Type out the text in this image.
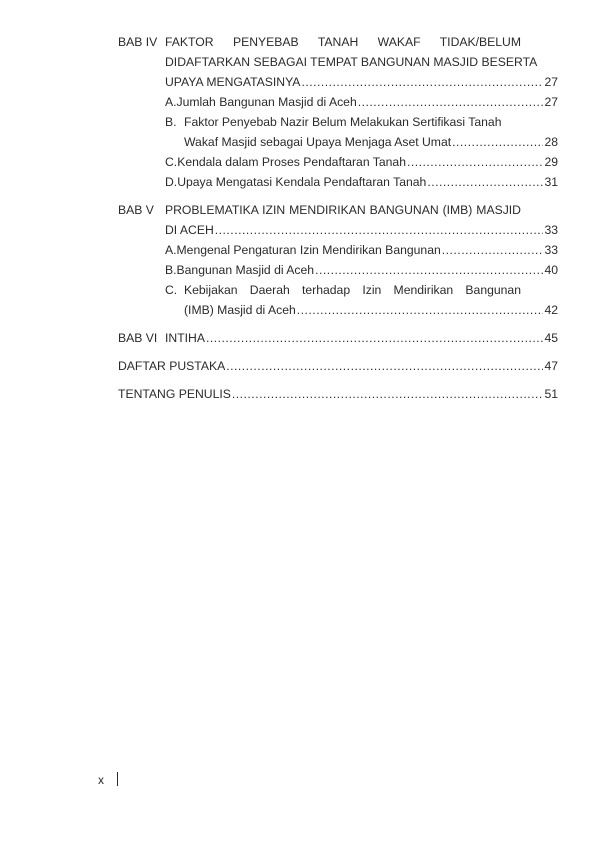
BAB IV FAKTOR PENYEBAB TANAH WAKAF TIDAK/BELUM
DIDAFTARKAN SEBAGAI TEMPAT BANGUNAN MASJID BESERTA
UPAYA MENGATASINYA .....	27
A. Jumlah Bangunan Masjid di Aceh .....	27
B. Faktor Penyebab Nazir Belum Melakukan Sertifikasi Tanah
Wakaf Masjid sebagai Upaya Menjaga Aset Umat .....	28
C. Kendala dalam Proses Pendaftaran Tanah .....	29
D. Upaya Mengatasi Kendala Pendaftaran Tanah .....	31
BAB V PROBLEMATIKA IZIN MENDIRIKAN BANGUNAN (IMB) MASJID
DI ACEH .....	33
A. Mengenal Pengaturan Izin Mendirikan Bangunan .....	33
B. Bangunan Masjid di Aceh .....	40
C. Kebijakan Daerah terhadap Izin Mendirikan Bangunan
(IMB) Masjid di Aceh .....	42
BAB VI INTIHA .....	45
DAFTAR PUSTAKA .....	47
TENTANG PENULIS .....	51
x
